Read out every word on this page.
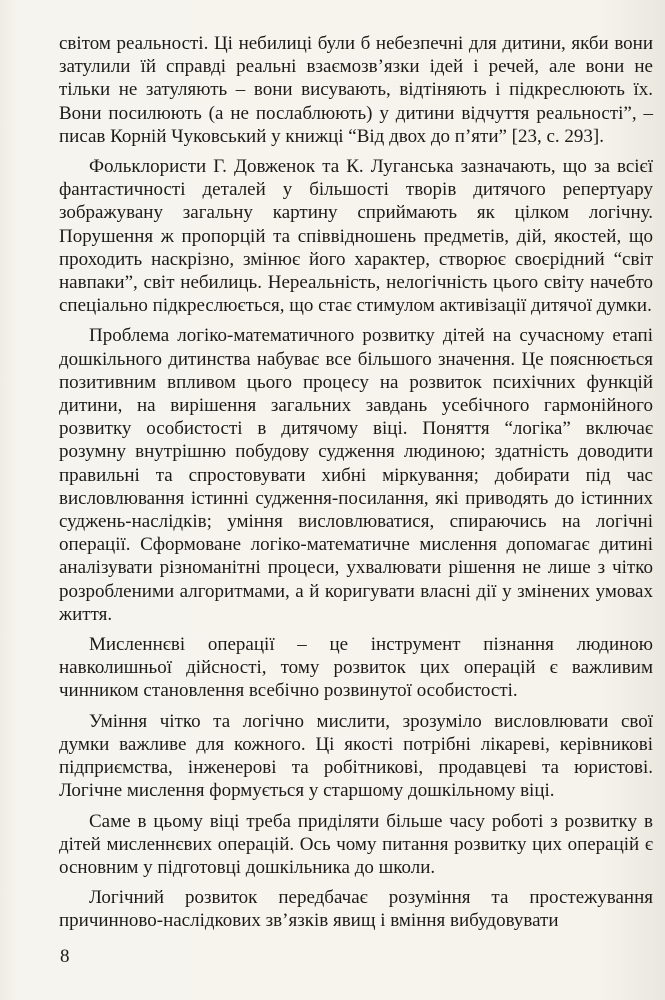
світом реальності. Ці небилиці були б небезпечні для дитини, якби вони затулили їй справді реальні взаємозв’язки ідей і речей, але вони не тільки не затуляють – вони висувають, відтіняють і підкреслюють їх. Вони посилюють (а не послаблюють) у дитини відчуття реальності”, – писав Корній Чуковський у книжці “Від двох до п’яти” [23, с. 293].

Фольклористи Г. Довженок та К. Луганська зазначають, що за всієї фантастичності деталей у більшості творів дитячого репертуару зображувану загальну картину сприймають як цілком логічну. Порушення ж пропорцій та співвідношень предметів, дій, якостей, що проходить наскрізно, змінює його характер, створює своєрідний “світ навпаки”, світ небилиць. Нереальність, нелогічність цього світу начебто спеціально підкреслюється, що стає стимулом активізації дитячої думки.

Проблема логіко-математичного розвитку дітей на сучасному етапі дошкільного дитинства набуває все більшого значення. Це пояснюється позитивним впливом цього процесу на розвиток психічних функцій дитини, на вирішення загальних завдань усебічного гармонійного розвитку особистості в дитячому віці. Поняття “логіка” включає розумну внутрішню побудову судження людиною; здатність доводити правильні та спростовувати хибні міркування; добирати під час висловлювання істинні судження-посилання, які приводять до істинних суджень-наслідків; уміння висловлюватися, спираючись на логічні операції. Сформоване логіко-математичне мислення допомагає дитині аналізувати різноманітні процеси, ухвалювати рішення не лише з чітко розробленими алгоритмами, а й коригувати власні дії у змінених умовах життя.

Мисленнєві операції – це інструмент пізнання людиною навколишньої дійсності, тому розвиток цих операцій є важливим чинником становлення всебічно розвинутої особистості.

Уміння чітко та логічно мислити, зрозуміло висловлювати свої думки важливе для кожного. Ці якості потрібні лікареві, керівникові підприємства, інженерові та робітникові, продавцеві та юристові. Логічне мислення формується у старшому дошкільному віці.

Саме в цьому віці треба приділяти більше часу роботі з розвитку в дітей мисленнєвих операцій. Ось чому питання розвитку цих операцій є основним у підготовці дошкільника до школи.

Логічний розвиток передбачає розуміння та простежування причинново-наслідкових зв’язків явищ і вміння вибудовувати

8
